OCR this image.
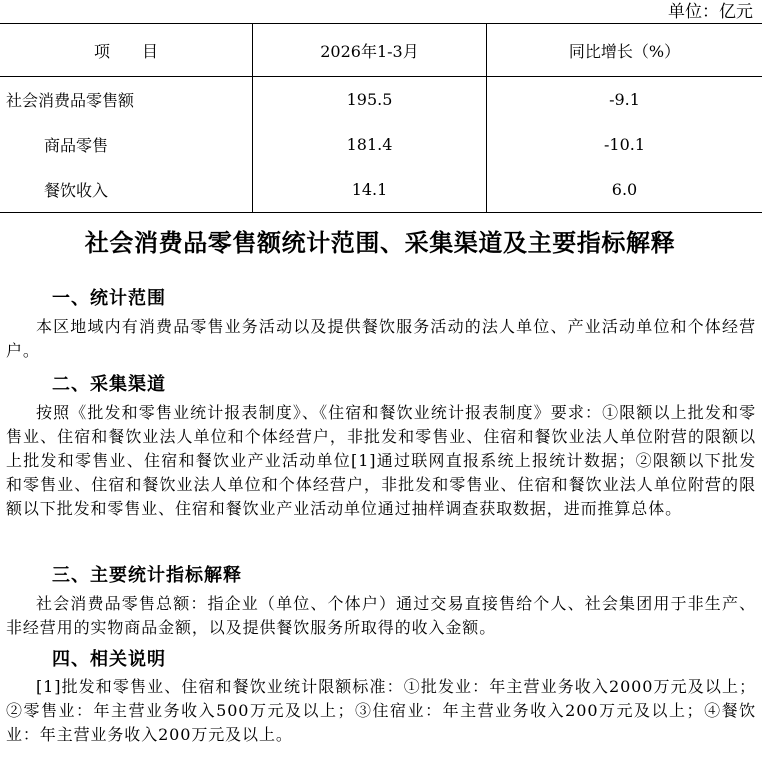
单位：亿元
项　　目	2026年1-3月	同比增长（%）
社会消费品零售额	195.5	-9.1
商品零售	181.4	-10.1
餐饮收入	14.1	6.0
社会消费品零售额统计范围、采集渠道及主要指标解释
一、统计范围

本区地域内有消费品零售业务活动以及提供餐饮服务活动的法人单位、产业活动单位和个体经营户。

二、采集渠道

按照《批发和零售业统计报表制度》、《住宿和餐饮业统计报表制度》要求：①限额以上批发和零售业、住宿和餐饮业法人单位和个体经营户，非批发和零售业、住宿和餐饮业法人单位附营的限额以上批发和零售业、住宿和餐饮业产业活动单位[1]通过联网直报系统上报统计数据；②限额以下批发和零售业、住宿和餐饮业法人单位和个体经营户，非批发和零售业、住宿和餐饮业法人单位附营的限额以下批发和零售业、住宿和餐饮业产业活动单位通过抽样调查获取数据，进而推算总体。

三、主要统计指标解释

社会消费品零售总额：指企业（单位、个体户）通过交易直接售给个人、社会集团用于非生产、非经营用的实物商品金额，以及提供餐饮服务所取得的收入金额。

四、相关说明

[1]批发和零售业、住宿和餐饮业统计限额标准：①批发业：年主营业务收入2000万元及以上；②零售业：年主营业务收入500万元及以上；③住宿业：年主营业务收入200万元及以上；④餐饮业：年主营业务收入200万元及以上。
